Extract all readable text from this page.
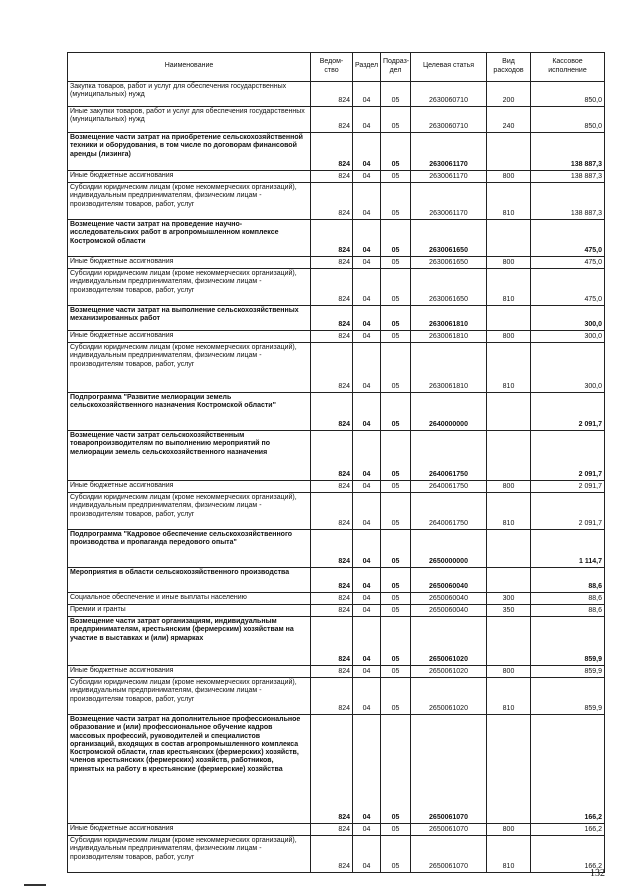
Наименование	Ведом-ство	Раздел	Подраз-дел	Целевая статья	Вид расходов	Кассовое исполнение
Закупка товаров, работ и услуг для обеспечения государственных (муниципальных) нужд	824	04	05	2630060710	200	850,0
Иные закупки товаров, работ и услуг для обеспечения государственных (муниципальных) нужд	824	04	05	2630060710	240	850,0
Возмещение части затрат на приобретение сельскохозяйственной техники и оборудования, в том числе по договорам финансовой аренды (лизинга)	824	04	05	2630061170		138 887,3
Иные бюджетные ассигнования	824	04	05	2630061170	800	138 887,3
Субсидии юридическим лицам (кроме некоммерческих организаций), индивидуальным предпринимателям, физическим лицам - производителям товаров, работ, услуг	824	04	05	2630061170	810	138 887,3
Возмещение части затрат на проведение научно-исследовательских работ в агропромышленном комплексе Костромской области	824	04	05	2630061650		475,0
Иные бюджетные ассигнования	824	04	05	2630061650	800	475,0
Субсидии юридическим лицам (кроме некоммерческих организаций), индивидуальным предпринимателям, физическим лицам - производителям товаров, работ, услуг	824	04	05	2630061650	810	475,0
Возмещение части затрат на выполнение сельскохозяйственных механизированных работ	824	04	05	2630061810		300,0
Иные бюджетные ассигнования	824	04	05	2630061810	800	300,0
Субсидии юридическим лицам (кроме некоммерческих организаций), индивидуальным предпринимателям, физическим лицам - производителям товаров, работ, услуг	824	04	05	2630061810	810	300,0
Подпрограмма "Развитие мелиорации земель сельскохозяйственного назначения Костромской области"	824	04	05	2640000000		2 091,7
Возмещение части затрат сельскохозяйственным товаропроизводителям по выполнению мероприятий по мелиорации земель сельскохозяйственного назначения	824	04	05	2640061750		2 091,7
Иные бюджетные ассигнования	824	04	05	2640061750	800	2 091,7
Субсидии юридическим лицам (кроме некоммерческих организаций), индивидуальным предпринимателям, физическим лицам - производителям товаров, работ, услуг	824	04	05	2640061750	810	2 091,7
Подпрограмма "Кадровое обеспечение сельскохозяйственного производства и пропаганда передового опыта"	824	04	05	2650000000		1 114,7
Мероприятия в области сельскохозяйственного производства	824	04	05	2650060040		88,6
Социальное обеспечение и иные выплаты населению	824	04	05	2650060040	300	88,6
Премии и гранты	824	04	05	2650060040	350	88,6
Возмещение части затрат организациям, индивидуальным предпринимателям, крестьянским (фермерским) хозяйствам на участие в выставках и (или) ярмарках	824	04	05	2650061020		859,9
Иные бюджетные ассигнования	824	04	05	2650061020	800	859,9
Субсидии юридическим лицам (кроме некоммерческих организаций), индивидуальным предпринимателям, физическим лицам - производителям товаров, работ, услуг	824	04	05	2650061020	810	859,9
Возмещение части затрат на дополнительное профессиональное образование и (или) профессиональное обучение кадров массовых профессий, руководителей и специалистов организаций, входящих в состав агропромышленного комплекса Костромской области, глав крестьянских (фермерских) хозяйств, членов крестьянских (фермерских) хозяйств, работников, принятых на работу в крестьянские (фермерские) хозяйства	824	04	05	2650061070		166,2
Иные бюджетные ассигнования	824	04	05	2650061070	800	166,2
Субсидии юридическим лицам (кроме некоммерческих организаций), индивидуальным предпринимателям, физическим лицам - производителям товаров, работ, услуг	824	04	05	2650061070	810	166,2
132
